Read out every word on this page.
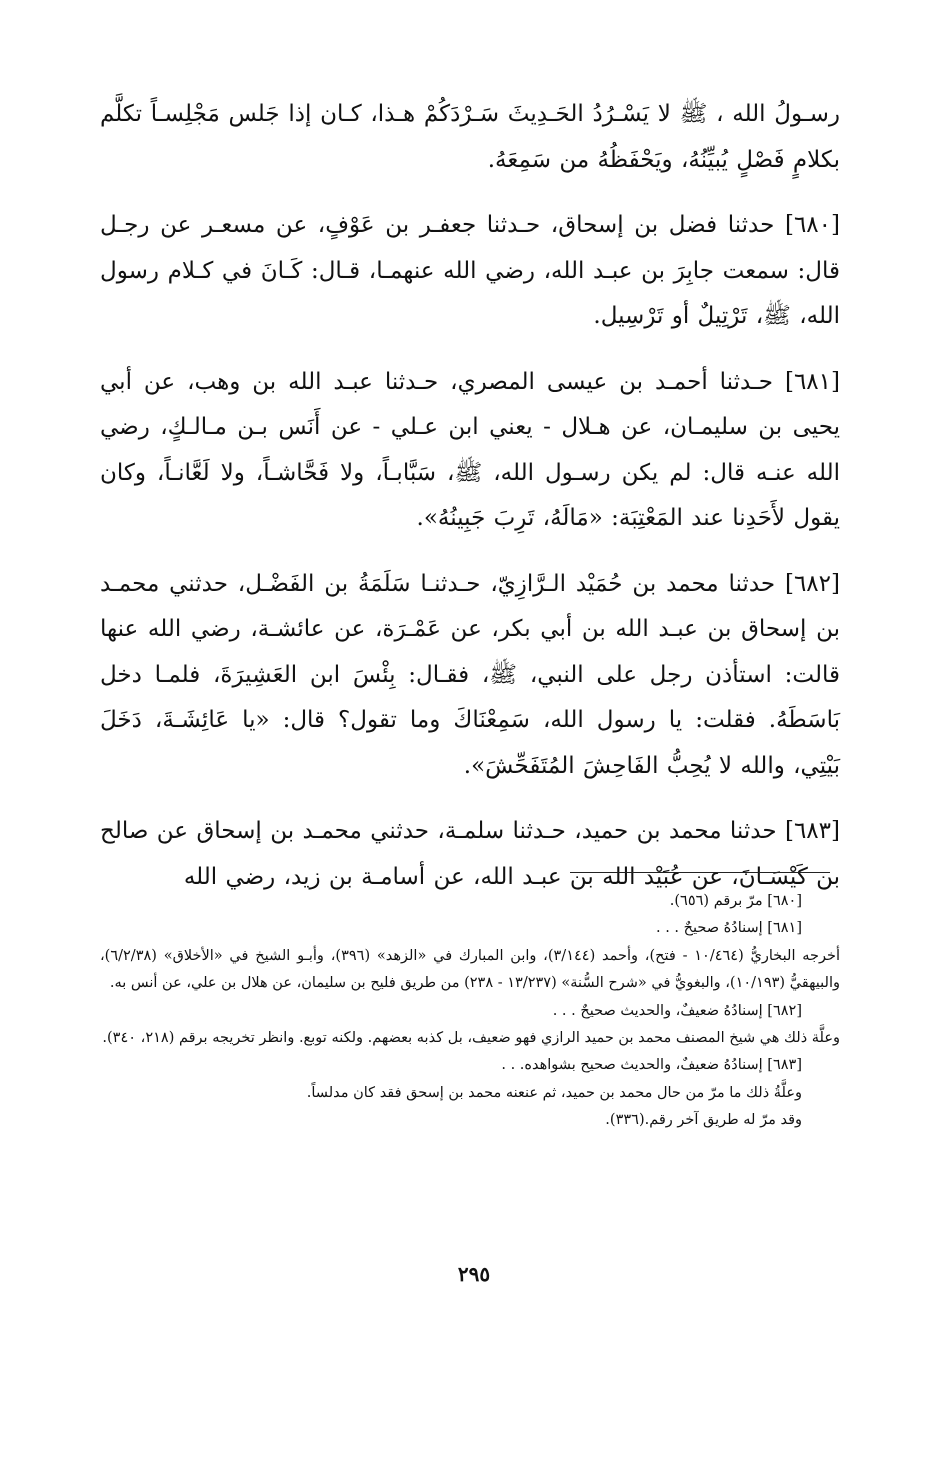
رسـولُ الله ، ﷺ لا يَسْـرُدُ الحَـدِيثَ سَـرْدَكُمْ هـذا، كـان إذا جَلس مَجْلِسـاً تكلَّم بكلامٍ فَصْلٍ يُبيِّنُهُ، ويَحْفَظُهُ من سَمِعَهُ.

[٦٨٠] حدثنا فضل بن إسحاق، حـدثنا جعفـر بن عَوْفٍ، عن مسعـر عن رجـل قال: سمعت جابِرَ بن عبـد الله، رضي الله عنهمـا، قـال: كَـانَ في كـلام رسول الله، ﷺ، تَرْتِيلٌ أو تَرْسِيل.

[٦٨١] حـدثنا أحمـد بن عيسى المصري، حـدثنا عبـد الله بن وهب، عن أبي يحيى بن سليمـان، عن هـلال - يعني ابن عـلي - عن أَنَس بـن مـالـكٍ، رضي الله عنـه قال: لم يكن رسـول الله، ﷺ، سَبَّابـاً، ولا فَحَّاشـاً، ولا لَعَّانـاً، وكان يقول لأَحَدِنا عند المَعْتِبَة: «مَالَهُ، تَرِبَ جَبِينُهُ».

[٦٨٢] حدثنا محمد بن حُمَيْد الـرَّازِيّ، حـدثنـا سَلَمَةُ بن الفَضْـل، حدثني محمـد بن إسحاق بن عبـد الله بن أبي بكر، عن عَمْـرَة، عن عائشـة، رضي الله عنها قالت: استأذن رجل على النبي، ﷺ، فقـال: بِئْسَ ابن العَشِيرَةَ، فلمـا دخل بَاسَطَهُ. فقلت: يا رسول الله، سَمِعْنَاكَ وما تقول؟ قال: «يا عَائِشَـةَ، دَخَلَ بَيْتِي، والله لا يُحِبُّ الفَاحِشَ المُتَفَحِّشَ».

[٦٨٣] حدثنا محمد بن حميد، حـدثنا سلمـة، حدثني محمـد بن إسحاق عن صالح بن كَيْسَـانَ، عن عُبَيْد الله بن عبـد الله، عن أسامـة بن زيد، رضي الله

[٦٨٠] مرّ برقم (٦٥٦).

[٦٨١] إسنادُهُ صحيحٌ . . .

أخرجه البخاريُّ (١٠/٤٦٤ - فتح)، وأحمد (٣/١٤٤)، وابن المبارك في «الزهد» (٣٩٦)، وأبـو الشيخ في «الأخلاق» (٦/٢/٣٨)، والبيهقيُّ (١٠/١٩٣)، والبغويُّ في «شرح السُّنة» (١٣/٢٣٧ - ٢٣٨) من طريق فليح بن سليمان، عن هلال بن علي، عن أنس به.

[٦٨٢] إسنادُهُ ضعيفٌ، والحديث صحيحٌ . . .

وعلَّة ذلك هي شيخ المصنف محمد بن حميد الرازي فهو ضعيف، بل كذبه بعضهم. ولكنه توبع. وانظر تخريجه برقم (٢١٨، ٣٤٠).

[٦٨٣] إسنادُهُ ضعيفٌ، والحديث صحيح بشواهده. . .

وعلَّةُ ذلك ما مرّ من حال محمد بن حميد، ثم عنعنه محمد بن إسحق فقد كان مدلساً.

وقد مرّ له طريق آخر رقم.(٣٣٦).

٢٩٥
